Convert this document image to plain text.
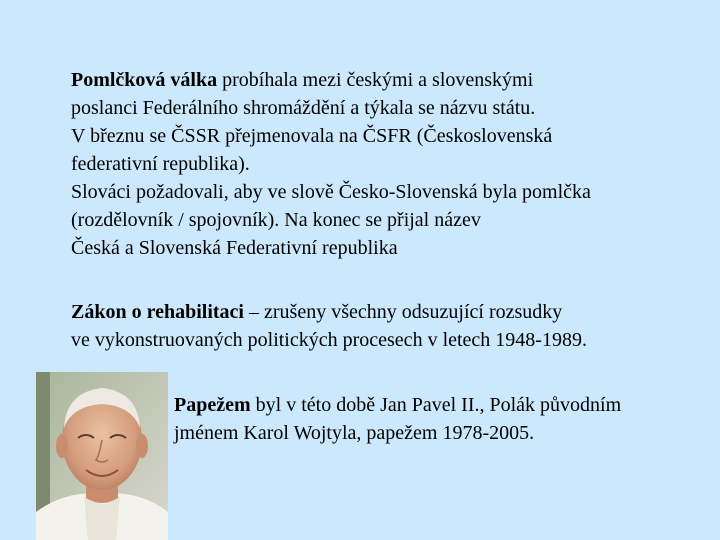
Pomlčková válka probíhala mezi českými a slovenskými
poslanci Federálního shromáždění a týkala se názvu státu.
V březnu se ČSSR přejmenovala na ČSFR (Československá
federativní republika).
Slováci požadovali, aby ve slově Česko-Slovenská byla pomlčka
(rozdělovník / spojovník). Na konec se přijal název
Česká a Slovenská Federativní republika
Zákon o rehabilitaci – zrušeny všechny odsuzující rozsudky
ve vykonstruovaných politických procesech v letech 1948-1989.
Papežem byl v této době Jan Pavel II., Polák původním
jménem Karol Wojtyla, papežem 1978-2005.
